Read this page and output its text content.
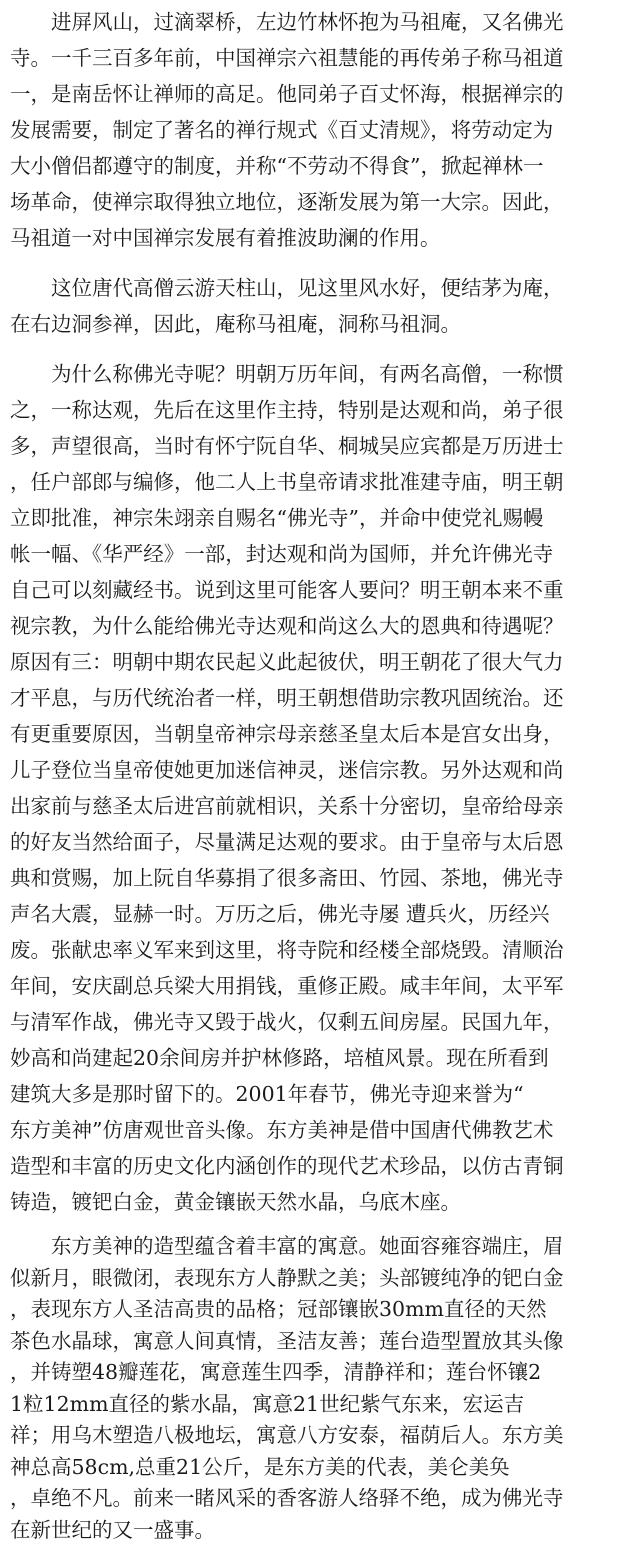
　　进屏风山，过滴翠桥，左边竹林怀抱为马祖庵，又名佛光
寺。一千三百多年前，中国禅宗六祖慧能的再传弟子称马祖道
一，是南岳怀让禅师的高足。他同弟子百丈怀海，根据禅宗的
发展需要，制定了著名的禅行规式《百丈清规》，将劳动定为
大小僧侣都遵守的制度，并称“不劳动不得食”，掀起禅林一
场革命，使禅宗取得独立地位，逐渐发展为第一大宗。因此，
马祖道一对中国禅宗发展有着推波助澜的作用。
　　这位唐代高僧云游天柱山，见这里风水好，便结茅为庵，
在右边洞参禅，因此，庵称马祖庵，洞称马祖洞。
　　为什么称佛光寺呢？明朝万历年间，有两名高僧，一称惯
之，一称达观，先后在这里作主持，特别是达观和尚，弟子很
多，声望很高，当时有怀宁阮自华、桐城吴应宾都是万历进士
，任户部郎与编修，他二人上书皇帝请求批准建寺庙，明王朝
立即批准，神宗朱翊亲自赐名“佛光寺”，并命中使党礼赐幔
帐一幅、《华严经》一部，封达观和尚为国师，并允许佛光寺
自己可以刻藏经书。说到这里可能客人要问？明王朝本来不重
视宗教，为什么能给佛光寺达观和尚这么大的恩典和待遇呢？
原因有三：明朝中期农民起义此起彼伏，明王朝花了很大气力
才平息，与历代统治者一样，明王朝想借助宗教巩固统治。还
有更重要原因，当朝皇帝神宗母亲慈圣皇太后本是宫女出身，
儿子登位当皇帝使她更加迷信神灵，迷信宗教。另外达观和尚
出家前与慈圣太后进宫前就相识，关系十分密切，皇帝给母亲
的好友当然给面子，尽量满足达观的要求。由于皇帝与太后恩
典和赏赐，加上阮自华募捐了很多斋田、竹园、茶地，佛光寺
声名大震，显赫一时。万历之后，佛光寺屡 遭兵火，历经兴
废。张献忠率义军来到这里，将寺院和经楼全部烧毁。清顺治
年间，安庆副总兵梁大用捐钱，重修正殿。咸丰年间，太平军
与清军作战，佛光寺又毁于战火，仅剩五间房屋。民国九年，
妙高和尚建起20余间房并护林修路，培植风景。现在所看到
建筑大多是那时留下的。2001年春节，佛光寺迎来誉为“
东方美神”仿唐观世音头像。东方美神是借中国唐代佛教艺术
造型和丰富的历史文化内涵创作的现代艺术珍品，以仿古青铜
铸造，镀钯白金，黄金镶嵌天然水晶，乌底木座。
　　东方美神的造型蕴含着丰富的寓意。她面容雍容端庄，眉
似新月，眼微闭，表现东方人静默之美；头部镀纯净的钯白金
，表现东方人圣洁高贵的品格；冠部镶嵌30mm直径的天然
茶色水晶球，寓意人间真情，圣洁友善；莲台造型置放其头像
，并铸塑48瓣莲花，寓意莲生四季，清静祥和；莲台怀镶2
1粒12mm直径的紫水晶，寓意21世纪紫气东来，宏运吉
祥；用乌木塑造八极地坛，寓意八方安泰，福荫后人。东方美
神总高58cm,总重21公斤，是东方美的代表，美仑美奂
，卓绝不凡。前来一睹风采的香客游人络驿不绝，成为佛光寺
在新世纪的又一盛事。
